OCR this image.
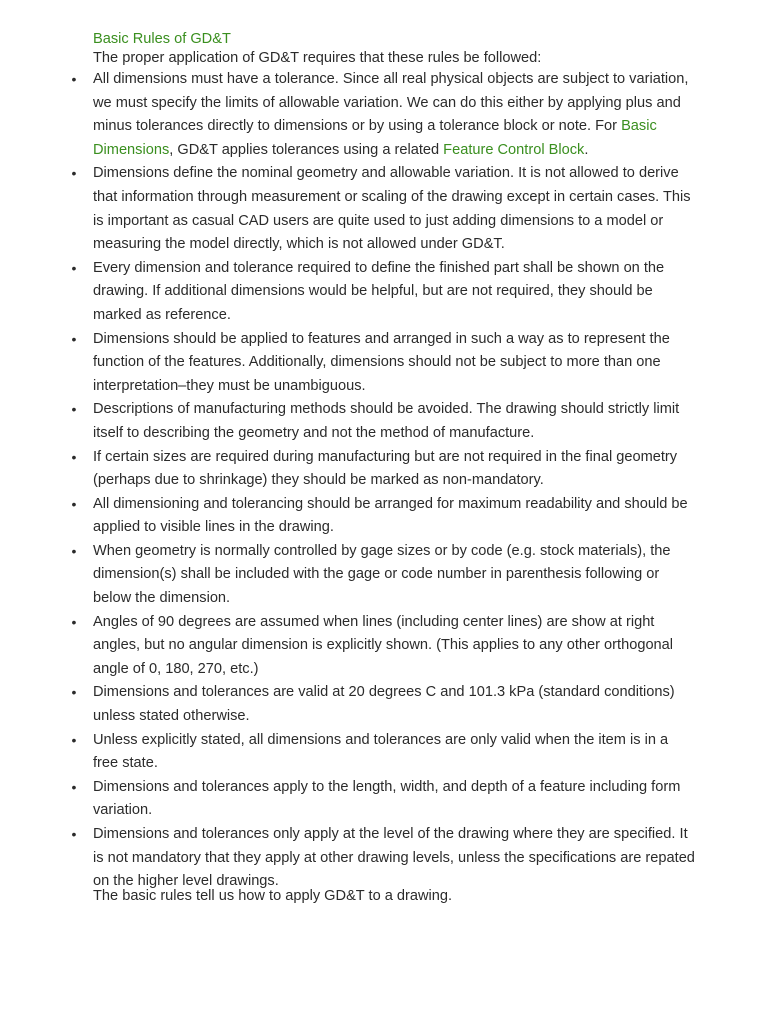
Basic Rules of GD&T
The proper application of GD&T requires that these rules be followed:
• All dimensions must have a tolerance. Since all real physical objects are subject to variation, we must specify the limits of allowable variation. We can do this either by applying plus and minus tolerances directly to dimensions or by using a tolerance block or note. For Basic Dimensions, GD&T applies tolerances using a related Feature Control Block.
• Dimensions define the nominal geometry and allowable variation. It is not allowed to derive that information through measurement or scaling of the drawing except in certain cases. This is important as casual CAD users are quite used to just adding dimensions to a model or measuring the model directly, which is not allowed under GD&T.
• Every dimension and tolerance required to define the finished part shall be shown on the drawing. If additional dimensions would be helpful, but are not required, they should be marked as reference.
• Dimensions should be applied to features and arranged in such a way as to represent the function of the features. Additionally, dimensions should not be subject to more than one interpretation–they must be unambiguous.
• Descriptions of manufacturing methods should be avoided. The drawing should strictly limit itself to describing the geometry and not the method of manufacture.
• If certain sizes are required during manufacturing but are not required in the final geometry (perhaps due to shrinkage) they should be marked as non-mandatory.
• All dimensioning and tolerancing should be arranged for maximum readability and should be applied to visible lines in the drawing.
• When geometry is normally controlled by gage sizes or by code (e.g. stock materials), the dimension(s) shall be included with the gage or code number in parenthesis following or below the dimension.
• Angles of 90 degrees are assumed when lines (including center lines) are show at right angles, but no angular dimension is explicitly shown. (This applies to any other orthogonal angle of 0, 180, 270, etc.)
• Dimensions and tolerances are valid at 20 degrees C and 101.3 kPa (standard conditions) unless stated otherwise.
• Unless explicitly stated, all dimensions and tolerances are only valid when the item is in a free state.
• Dimensions and tolerances apply to the length, width, and depth of a feature including form variation.
• Dimensions and tolerances only apply at the level of the drawing where they are specified. It is not mandatory that they apply at other drawing levels, unless the specifications are repated on the higher level drawings.
The basic rules tell us how to apply GD&T to a drawing.
